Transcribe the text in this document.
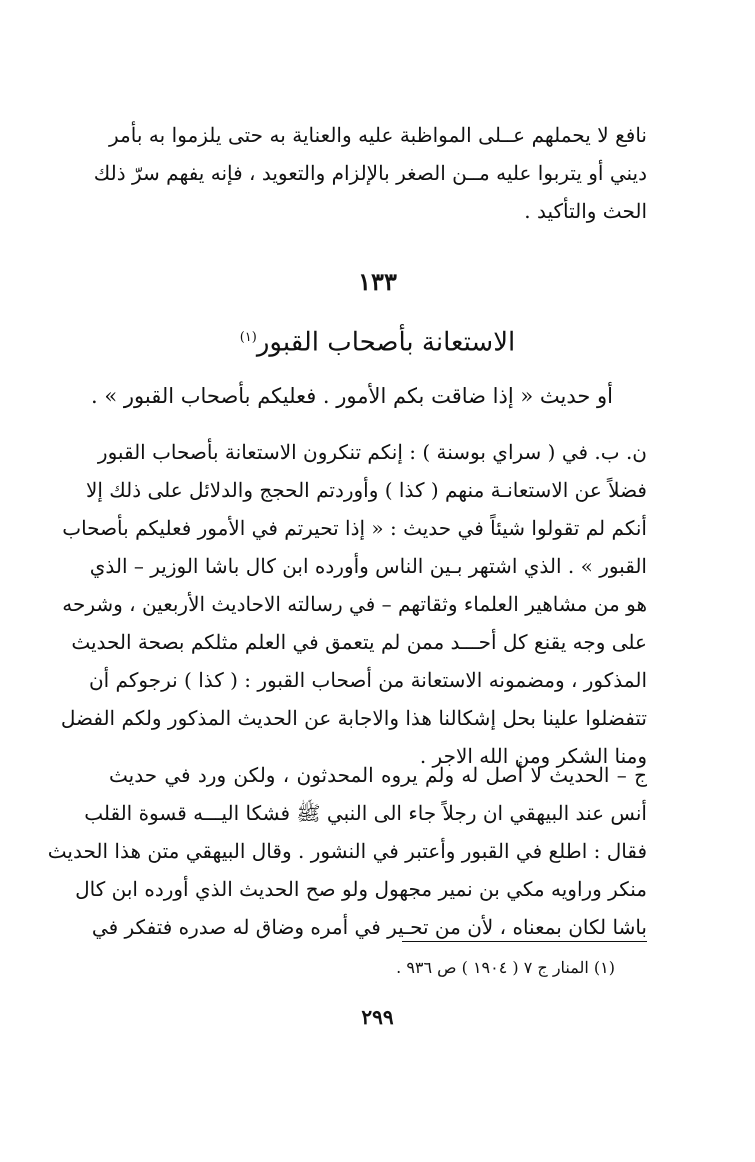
نافع لا يحملهم عــلى المواظبة عليه والعناية به حتى يلزموا به بأمر
ديني أو يتربوا عليه مــن الصغر بالإلزام والتعويد ، فإنه يفهم سرّ ذلك
الحث والتأكيد .
١٣٣
الاستعانة بأصحاب القبور$^{(١)}$
أو حديث « إذا ضاقت بكم الأمور . فعليكم بأصحاب القبور » .
ن. ب. في ( سراي بوسنة ) : إنكم تنكرون الاستعانة بأصحاب القبور
فضلاً عن الاستعانـة منهم ( كذا ) وأوردتم الحجج والدلائل على ذلك إلا
أنكم لم تقولوا شيئاً في حديث : « إذا تحيرتم في الأمور فعليكم بأصحاب
القبور » . الذي اشتهر بـين الناس وأورده ابن كال باشا الوزير – الذي
هو من مشاهير العلماء وثقاتهم – في رسالته الاحاديث الأربعين ، وشرحه
على وجه يقنع كل أحـــد ممن لم يتعمق في العلم مثلكم بصحة الحديث
المذكور ، ومضمونه الاستعانة من أصحاب القبور : ( كذا ) نرجوكم أن
تتفضلوا علينا بحل إشكالنا هذا والاجابة عن الحديث المذكور ولكم الفضل
ومنا الشكر ومن الله الاجر .
ج – الحديث لا أصل له ولم يروه المحدثون ، ولكن ورد في حديث
أنس عند البيهقي ان رجلاً جاء الى النبي ﷺ فشكا اليـــه قسوة القلب
فقال : اطلع في القبور وأعتبر في النشور . وقال البيهقي متن هذا الحديث
منكر وراويه مكي بن نمير مجهول ولو صح الحديث الذي أورده ابن كال
باشا لكان بمعناه ، لأن من تحـير في أمره وضاق له صدره فتفكر في
(١) المنار ج ٧ ( ١٩٠٤ ) ص ٩٣٦ .
٢٩٩
